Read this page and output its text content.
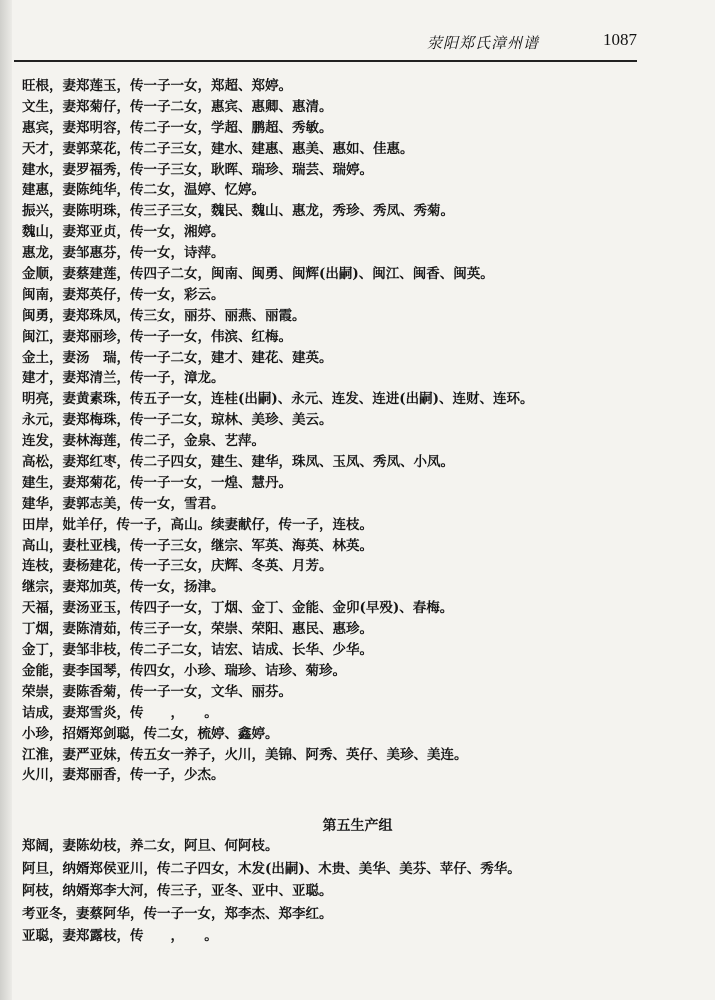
荥阳郑氏漳州谱	1087
旺根，妻郑莲玉，传一子一女，郑超、郑婷。
文生，妻郑菊仔，传一子二女，惠宾、惠卿、惠清。
惠宾，妻郑明容，传二子一女，学超、鹏超、秀敏。
天才，妻郭菜花，传二子三女，建水、建惠、惠美、惠如、佳惠。
建水，妻罗福秀，传一子三女，耿晖、瑞珍、瑞芸、瑞婷。
建惠，妻陈纯华，传二女，温婷、忆婷。
振兴，妻陈明珠，传三子三女，魏民、魏山、惠龙，秀珍、秀凤、秀菊。
魏山，妻郑亚贞，传一女，湘婷。
惠龙，妻邹惠芬，传一女，诗萍。
金顺，妻蔡建莲，传四子二女，闽南、闽勇、闽辉(出嗣)、闽江、闽香、闽英。
闽南，妻郑英仔，传一女，彩云。
闽勇，妻郑珠凤，传三女，丽芬、丽燕、丽霞。
闽江，妻郑丽珍，传一子一女，伟滨、红梅。
金土，妻汤　瑞，传一子二女，建才、建花、建英。
建才，妻郑清兰，传一子，漳龙。
明亮，妻黄素珠，传五子一女，连桂(出嗣)、永元、连发、连进(出嗣)、连财、连环。
永元，妻郑梅珠，传一子二女，琼林、美珍、美云。
连发，妻林海莲，传二子，金泉、艺萍。
高松，妻郑红枣，传二子四女，建生、建华，珠凤、玉凤、秀凤、小凤。
建生，妻郑菊花，传一子一女，一煌、慧丹。
建华，妻郭志美，传一女，雪君。
田岸，妣羊仔，传一子，高山。续妻献仔，传一子，连枝。
高山，妻杜亚桟，传一子三女，继宗、军英、海英、林英。
连枝，妻杨建花，传一子三女，庆辉、冬英、月芳。
继宗，妻郑加英，传一女，扬津。
天福，妻汤亚玉，传四子一女，丁烟、金丁、金能、金卯(早殁)、春梅。
丁烟，妻陈清茹，传三子一女，荣崇、荣阳、惠民、惠珍。
金丁，妻邹非枝，传二子二女，诘宏、诘成、长华、少华。
金能，妻李国琴，传四女，小珍、瑞珍、诘珍、菊珍。
荣崇，妻陈香菊，传一子一女，文华、丽芬。
诘成，妻郑雪炎，传　　，　　。
小珍，招婿郑剑聪，传二女，梳婷、鑫婷。
江淮，妻严亚妹，传五女一养子，火川，美锦、阿秀、英仔、美珍、美连。
火川，妻郑丽香，传一子，少杰。
第五生产组
郑阔，妻陈幼枝，养二女，阿旦、何阿枝。
阿旦，纳婿郑侯亚川，传二子四女，木发(出嗣)、木贵、美华、美芬、苹仔、秀华。
阿枝，纳婿郑李大河，传三子，亚冬、亚中、亚聪。
考亚冬，妻蔡阿华，传一子一女，郑李杰、郑李红。
亚聪，妻郑露枝，传　　，　　。
